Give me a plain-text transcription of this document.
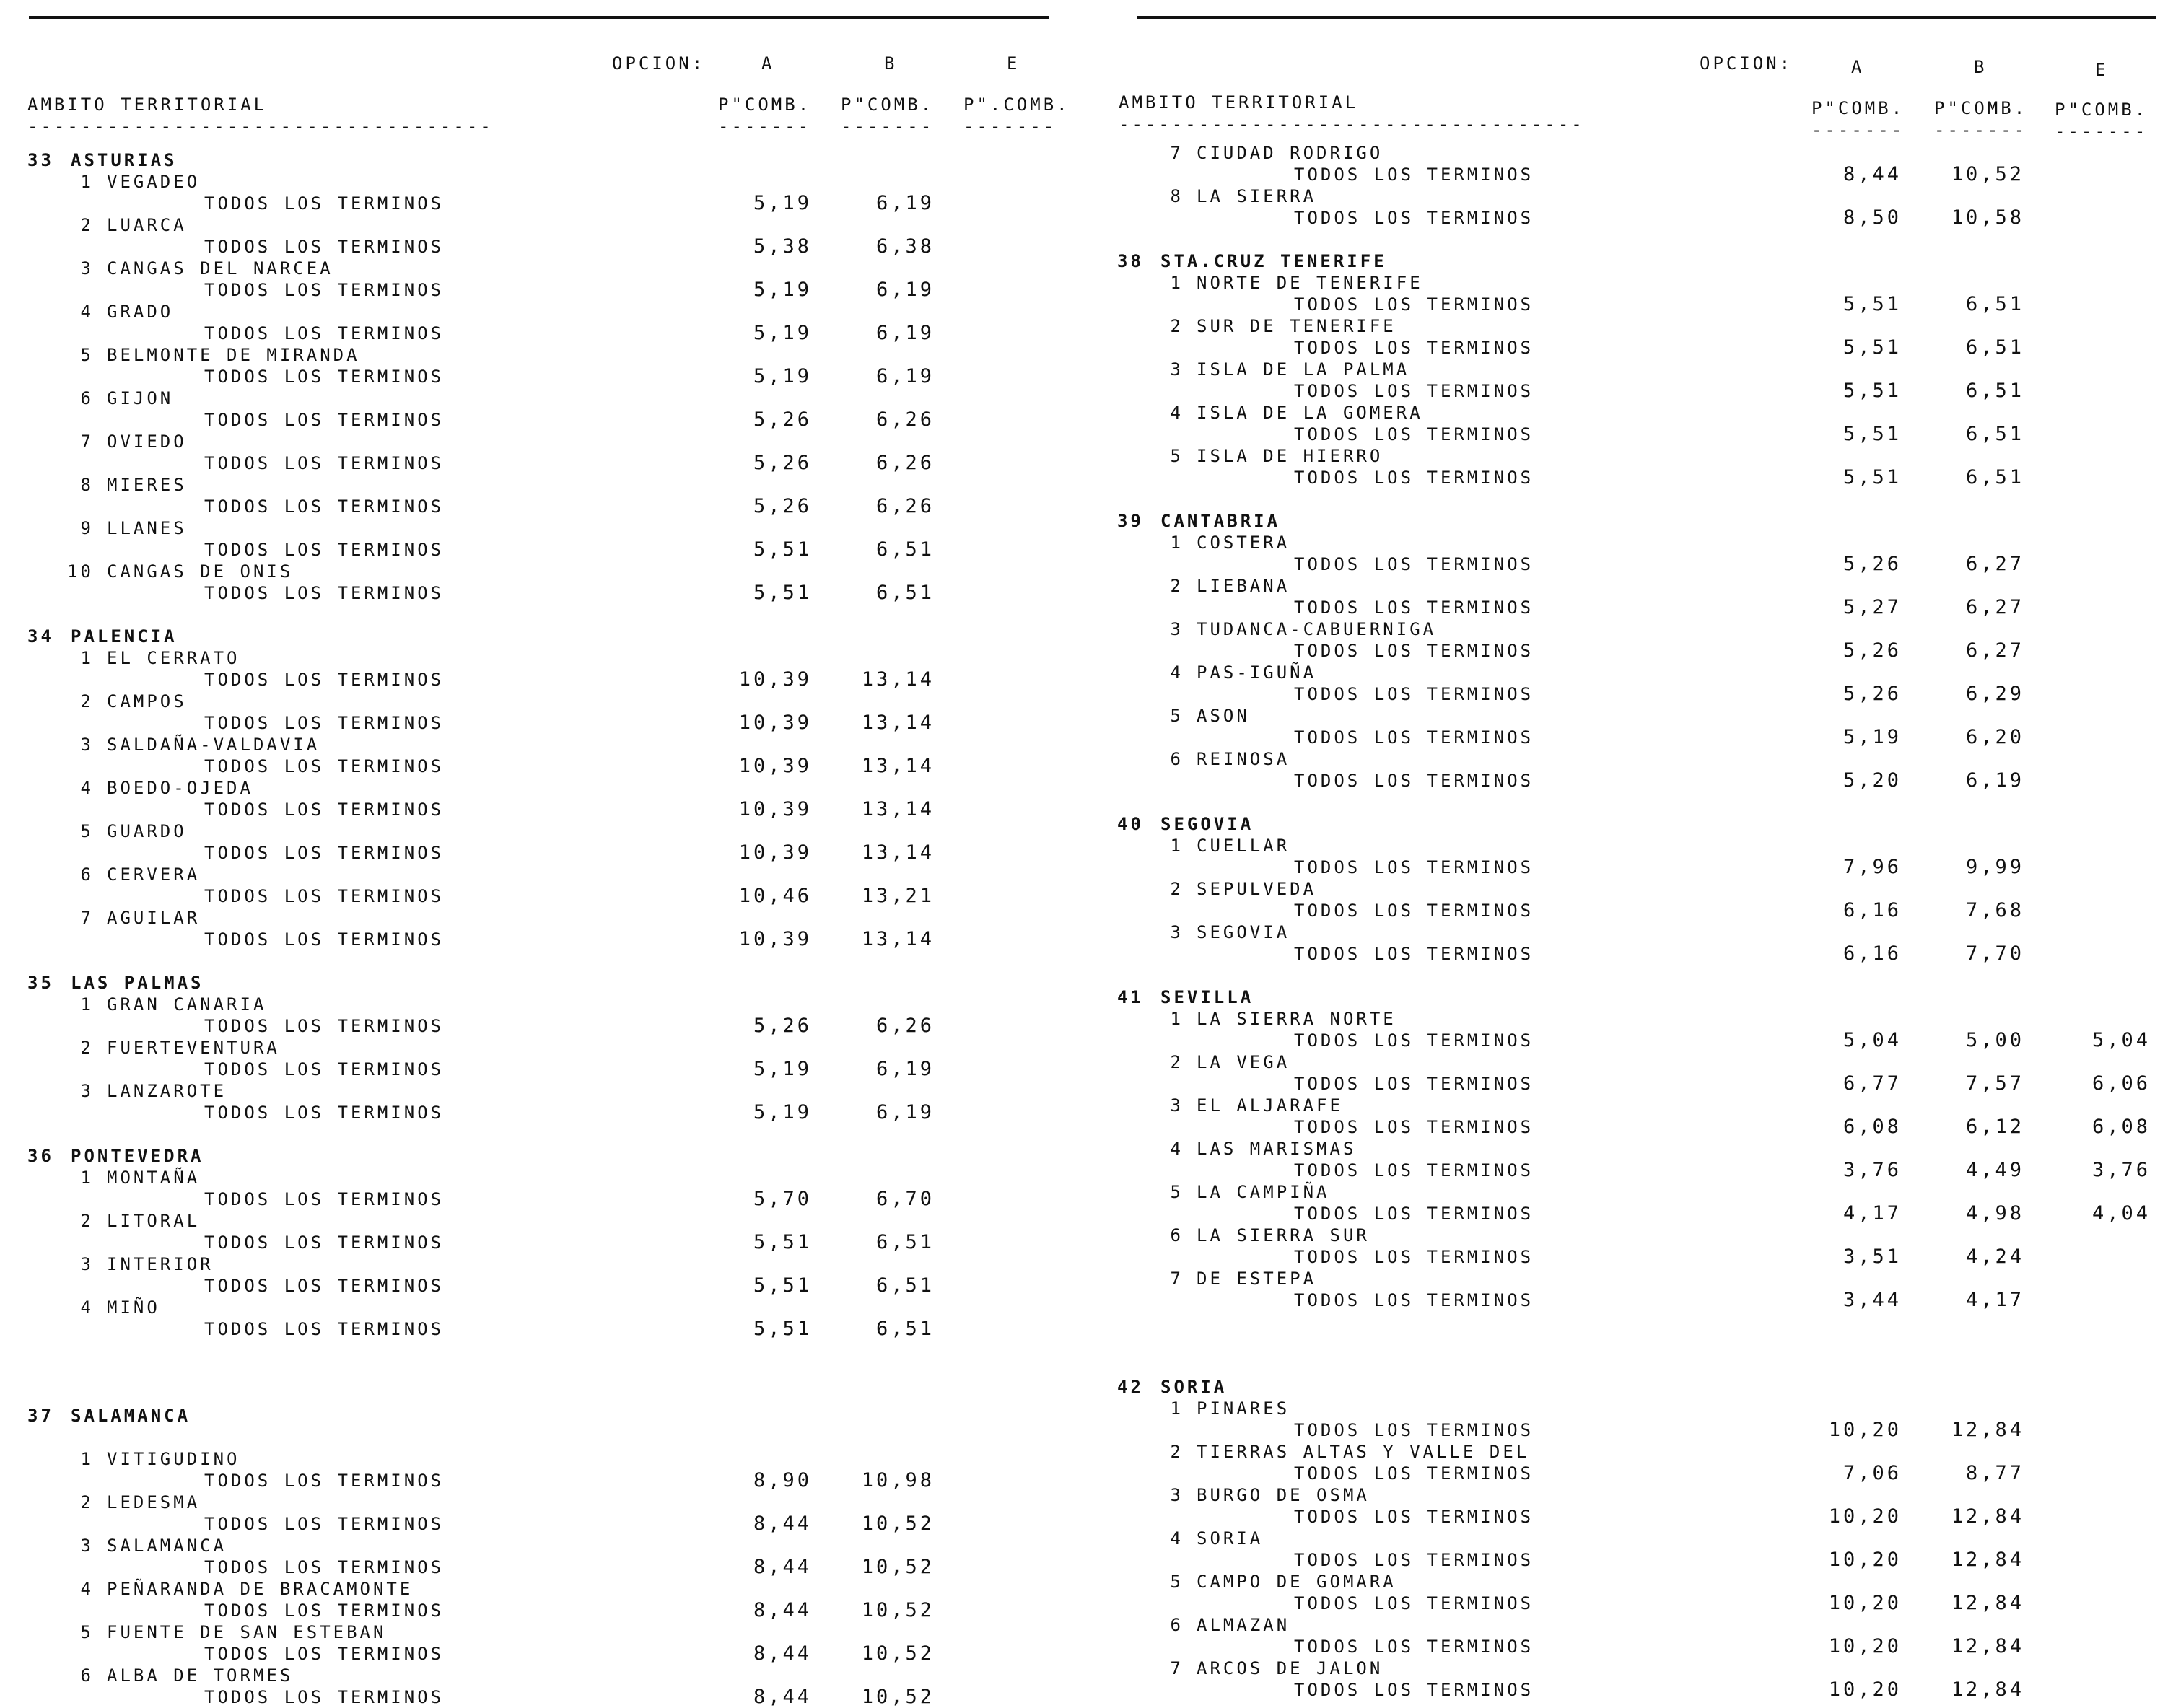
OPCION:	A	B	E
AMBITO TERRITORIAL
-----------------------------------
P"COMB. P"COMB. P".COMB.
------- ------- -------
33 ASTURIAS
1 VEGADEO
TODOS LOS TERMINOS	5,19	6,19
2 LUARCA
TODOS LOS TERMINOS	5,38	6,38
3 CANGAS DEL NARCEA
TODOS LOS TERMINOS	5,19	6,19
4 GRADO
TODOS LOS TERMINOS	5,19	6,19
5 BELMONTE DE MIRANDA
TODOS LOS TERMINOS	5,19	6,19
6 GIJON
TODOS LOS TERMINOS	5,26	6,26
7 OVIEDO
TODOS LOS TERMINOS	5,26	6,26
8 MIERES
TODOS LOS TERMINOS	5,26	6,26
9 LLANES
TODOS LOS TERMINOS	5,51	6,51
10 CANGAS DE ONIS
TODOS LOS TERMINOS	5,51	6,51
34 PALENCIA
1 EL CERRATO
TODOS LOS TERMINOS	10,39	13,14
2 CAMPOS
TODOS LOS TERMINOS	10,39	13,14
3 SALDAÑA-VALDAVIA
TODOS LOS TERMINOS	10,39	13,14
4 BOEDO-OJEDA
TODOS LOS TERMINOS	10,39	13,14
5 GUARDO
TODOS LOS TERMINOS	10,39	13,14
6 CERVERA
TODOS LOS TERMINOS	10,46	13,21
7 AGUILAR
TODOS LOS TERMINOS	10,39	13,14
35 LAS PALMAS
1 GRAN CANARIA
TODOS LOS TERMINOS	5,26	6,26
2 FUERTEVENTURA
TODOS LOS TERMINOS	5,19	6,19
3 LANZAROTE
TODOS LOS TERMINOS	5,19	6,19
36 PONTEVEDRA
1 MONTAÑA
TODOS LOS TERMINOS	5,70	6,70
2 LITORAL
TODOS LOS TERMINOS	5,51	6,51
3 INTERIOR
TODOS LOS TERMINOS	5,51	6,51
4 MIÑO
TODOS LOS TERMINOS	5,51	6,51
37 SALAMANCA
1 VITIGUDINO
TODOS LOS TERMINOS	8,90	10,98
2 LEDESMA
TODOS LOS TERMINOS	8,44	10,52
3 SALAMANCA
TODOS LOS TERMINOS	8,44	10,52
4 PEÑARANDA DE BRACAMONTE
TODOS LOS TERMINOS	8,44	10,52
5 FUENTE DE SAN ESTEBAN
TODOS LOS TERMINOS	8,44	10,52
6 ALBA DE TORMES
TODOS LOS TERMINOS	8,44	10,52
OPCION:	A	B	E
AMBITO TERRITORIAL
-----------------------------------
P"COMB. P"COMB. P"COMB.
------- ------- -------
7 CIUDAD RODRIGO
TODOS LOS TERMINOS	8,44	10,52
8 LA SIERRA
TODOS LOS TERMINOS	8,50	10,58
38 STA.CRUZ TENERIFE
1 NORTE DE TENERIFE
TODOS LOS TERMINOS	5,51	6,51
2 SUR DE TENERIFE
TODOS LOS TERMINOS	5,51	6,51
3 ISLA DE LA PALMA
TODOS LOS TERMINOS	5,51	6,51
4 ISLA DE LA GOMERA
TODOS LOS TERMINOS	5,51	6,51
5 ISLA DE HIERRO
TODOS LOS TERMINOS	5,51	6,51
39 CANTABRIA
1 COSTERA
TODOS LOS TERMINOS	5,26	6,27
2 LIEBANA
TODOS LOS TERMINOS	5,27	6,27
3 TUDANCA-CABUERNIGA
TODOS LOS TERMINOS	5,26	6,27
4 PAS-IGUÑA
TODOS LOS TERMINOS	5,26	6,29
5 ASON
TODOS LOS TERMINOS	5,19	6,20
6 REINOSA
TODOS LOS TERMINOS	5,20	6,19
40 SEGOVIA
1 CUELLAR
TODOS LOS TERMINOS	7,96	9,99
2 SEPULVEDA
TODOS LOS TERMINOS	6,16	7,68
3 SEGOVIA
TODOS LOS TERMINOS	6,16	7,70
41 SEVILLA
1 LA SIERRA NORTE
TODOS LOS TERMINOS	5,04	5,00	5,04
2 LA VEGA
TODOS LOS TERMINOS	6,77	7,57	6,06
3 EL ALJARAFE
TODOS LOS TERMINOS	6,08	6,12	6,08
4 LAS MARISMAS
TODOS LOS TERMINOS	3,76	4,49	3,76
5 LA CAMPIÑA
TODOS LOS TERMINOS	4,17	4,98	4,04
6 LA SIERRA SUR
TODOS LOS TERMINOS	3,51	4,24
7 DE ESTEPA
TODOS LOS TERMINOS	3,44	4,17
42 SORIA
1 PINARES
TODOS LOS TERMINOS	10,20	12,84
2 TIERRAS ALTAS Y VALLE DEL
TODOS LOS TERMINOS	7,06	8,77
3 BURGO DE OSMA
TODOS LOS TERMINOS	10,20	12,84
4 SORIA
TODOS LOS TERMINOS	10,20	12,84
5 CAMPO DE GOMARA
TODOS LOS TERMINOS	10,20	12,84
6 ALMAZAN
TODOS LOS TERMINOS	10,20	12,84
7 ARCOS DE JALON
TODOS LOS TERMINOS	10,20	12,84
